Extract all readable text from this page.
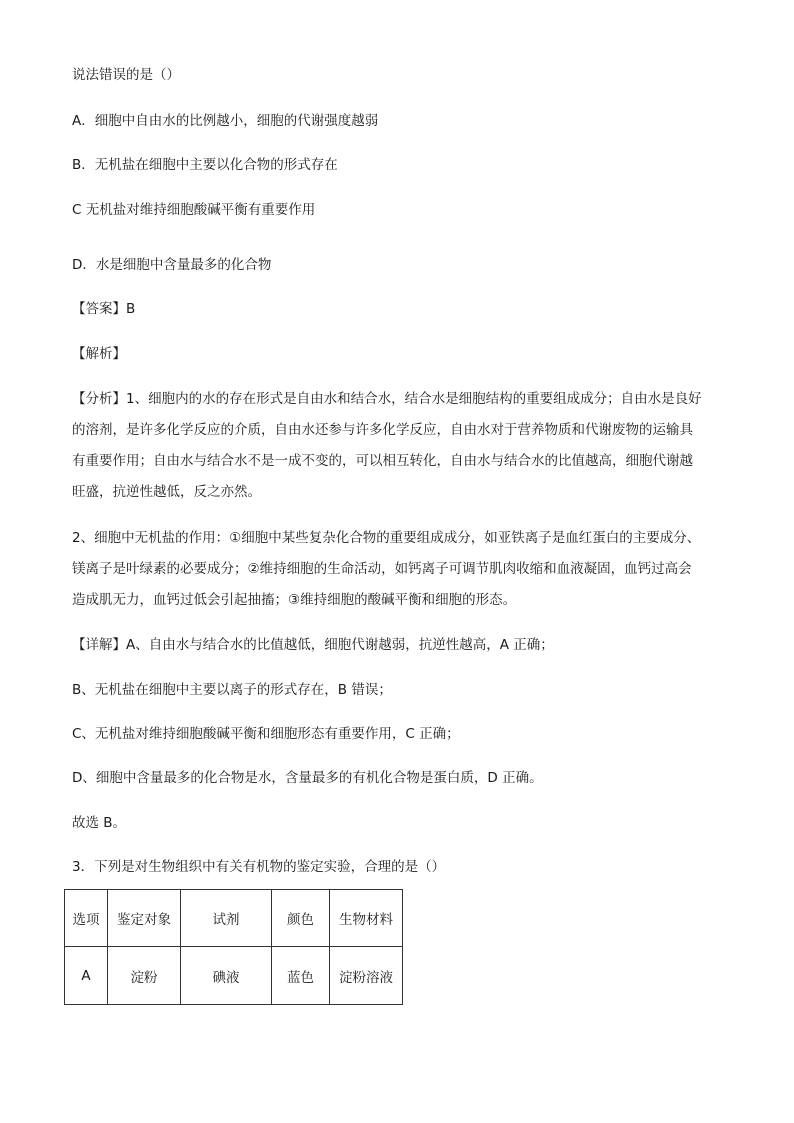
说法错误的是（）
A．细胞中自由水的比例越小，细胞的代谢强度越弱
B．无机盐在细胞中主要以化合物的形式存在
C 无机盐对维持细胞酸碱平衡有重要作用
D．水是细胞中含量最多的化合物
【答案】B
【解析】
【分析】1、细胞内的水的存在形式是自由水和结合水，结合水是细胞结构的重要组成成分；自由水是良好
的溶剂，是许多化学反应的介质，自由水还参与许多化学反应，自由水对于营养物质和代谢废物的运输具
有重要作用；自由水与结合水不是一成不变的，可以相互转化，自由水与结合水的比值越高，细胞代谢越
旺盛，抗逆性越低，反之亦然。
2、细胞中无机盐的作用：①细胞中某些复杂化合物的重要组成成分，如亚铁离子是血红蛋白的主要成分、
镁离子是叶绿素的必要成分；②维持细胞的生命活动，如钙离子可调节肌肉收缩和血液凝固，血钙过高会
造成肌无力，血钙过低会引起抽搐；③维持细胞的酸碱平衡和细胞的形态。
【详解】A、自由水与结合水的比值越低，细胞代谢越弱，抗逆性越高，A 正确；
B、无机盐在细胞中主要以离子的形式存在，B 错误；
C、无机盐对维持细胞酸碱平衡和细胞形态有重要作用，C 正确；
D、细胞中含量最多的化合物是水，含量最多的有机化合物是蛋白质，D 正确。
故选 B。
3．下列是对生物组织中有关有机物的鉴定实验，合理的是（）
选项	鉴定对象	试剂	颜色	生物材料
A	淀粉	碘液	蓝色	淀粉溶液
